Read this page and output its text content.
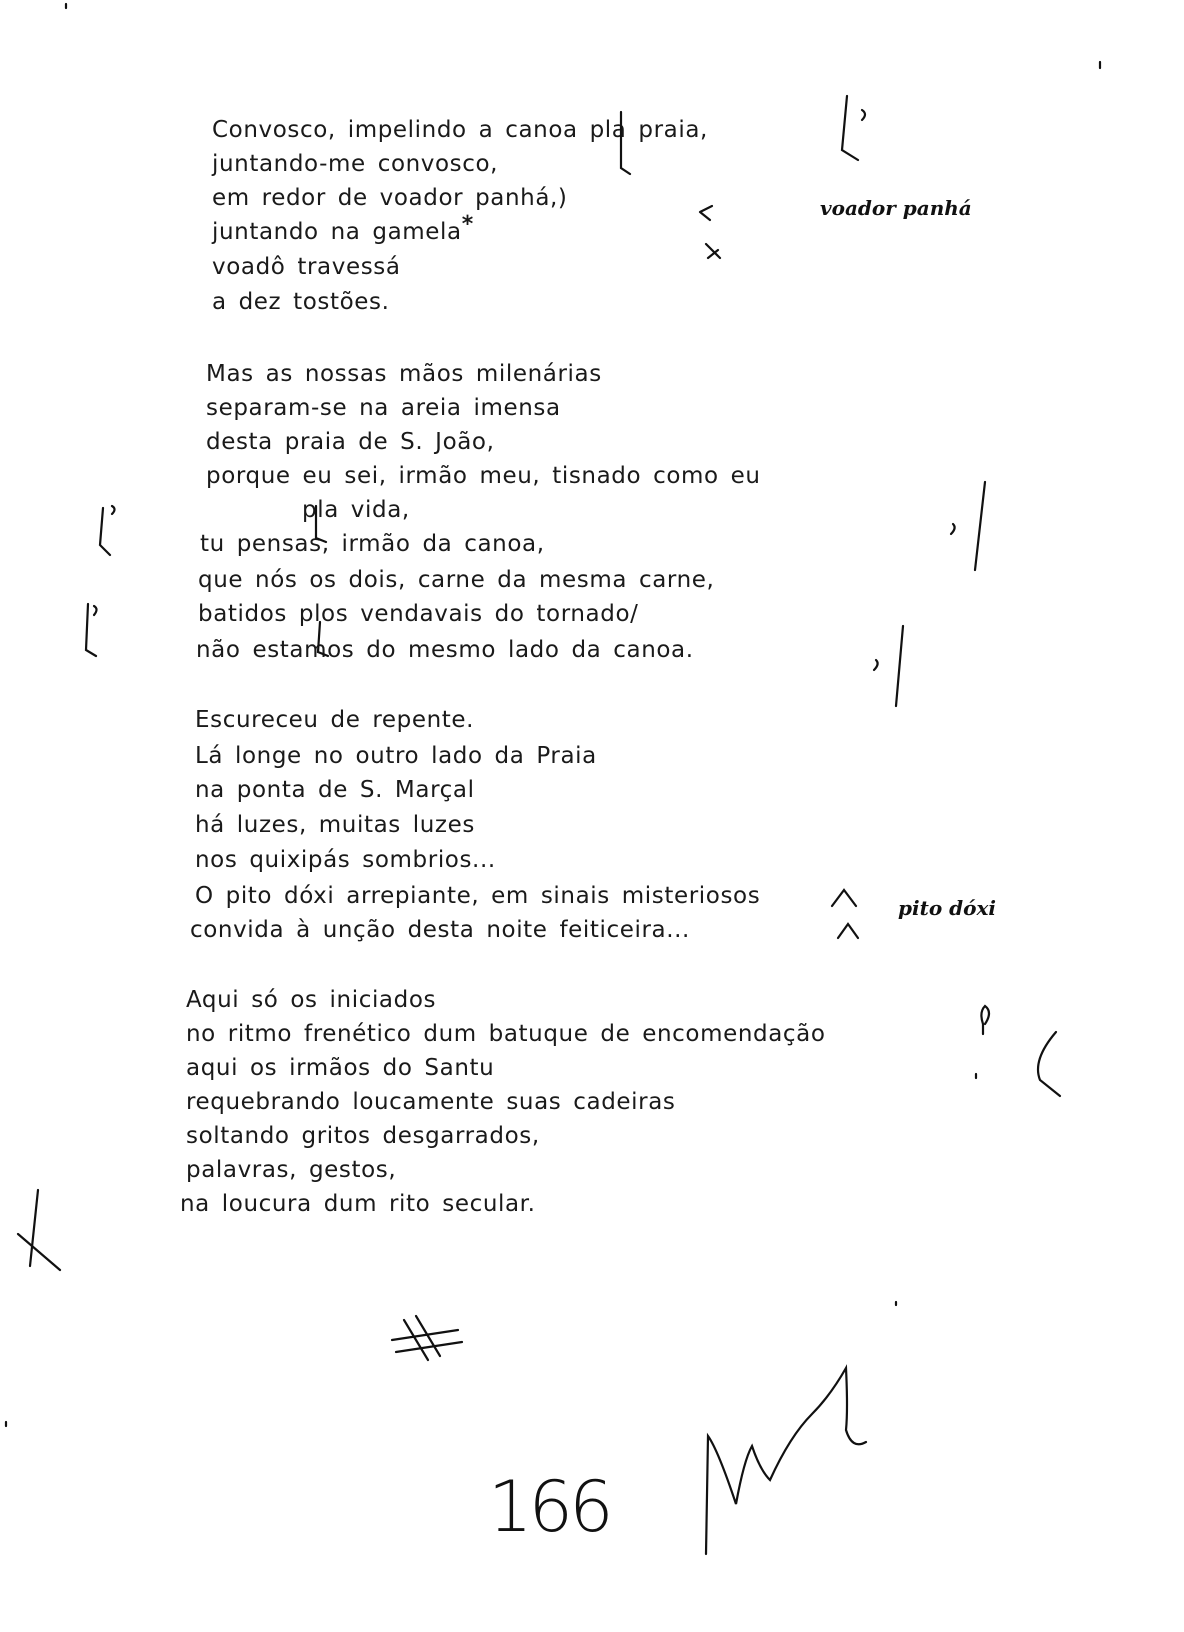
Convosco, impelindo a canoa pla praia,
juntando-me convosco,
em redor de voador panhá,)
juntando na gamela*
voadô travessá
a dez tostões.
Mas as nossas mãos milenárias
separam-se na areia imensa
desta praia de S. João,
porque eu sei, irmão meu, tisnado como eu
pla vida,
tu pensas, irmão da canoa,
que nós os dois, carne da mesma carne,
batidos plos vendavais do tornado/
não estamos do mesmo lado da canoa.
Escureceu de repente.
Lá longe no outro lado da Praia
na ponta de S. Marçal
há luzes, muitas luzes
nos quixipás sombrios...
O pito dóxi arrepiante, em sinais misteriosos
convida à unção desta noite feiticeira...
Aqui só os iniciados
no ritmo frenético dum batuque de encomendação
aqui os irmãos do Santu
requebrando loucamente suas cadeiras
soltando gritos desgarrados,
palavras, gestos,
na loucura dum rito secular.
voador panhá
pito dóxi
166
